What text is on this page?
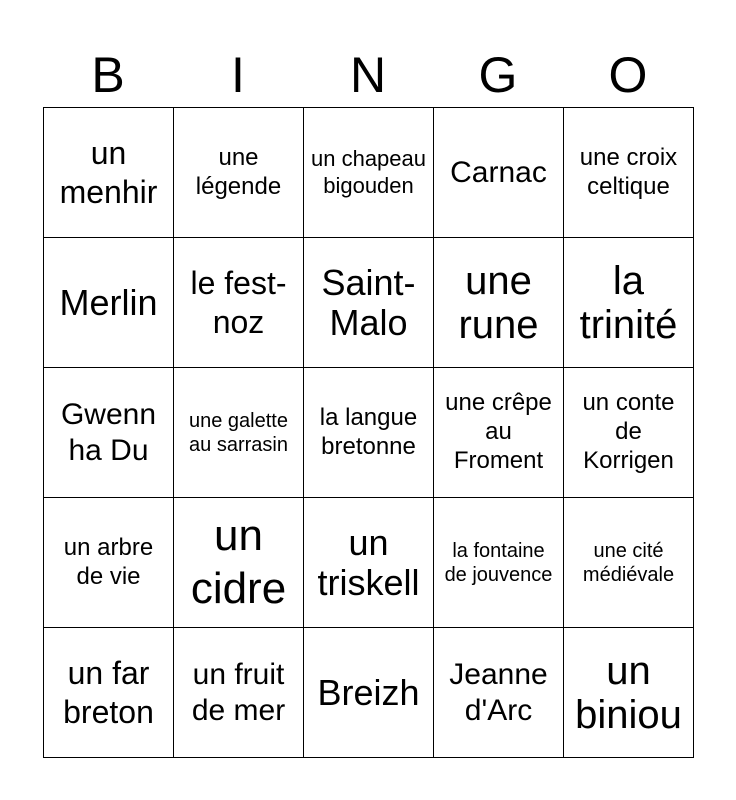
B	I	N	G	O
un menhir	une légende	un chapeau bigouden	Carnac	une croix celtique
Merlin	le fest-noz	Saint-Malo	une rune	la trinité
Gwenn ha Du	une galette au sarrasin	la langue bretonne	une crêpe au Froment	un conte de Korrigen
un arbre de vie	un cidre	un triskell	la fontaine de jouvence	une cité médiévale
un far breton	un fruit de mer	Breizh	Jeanne d'Arc	un biniou
